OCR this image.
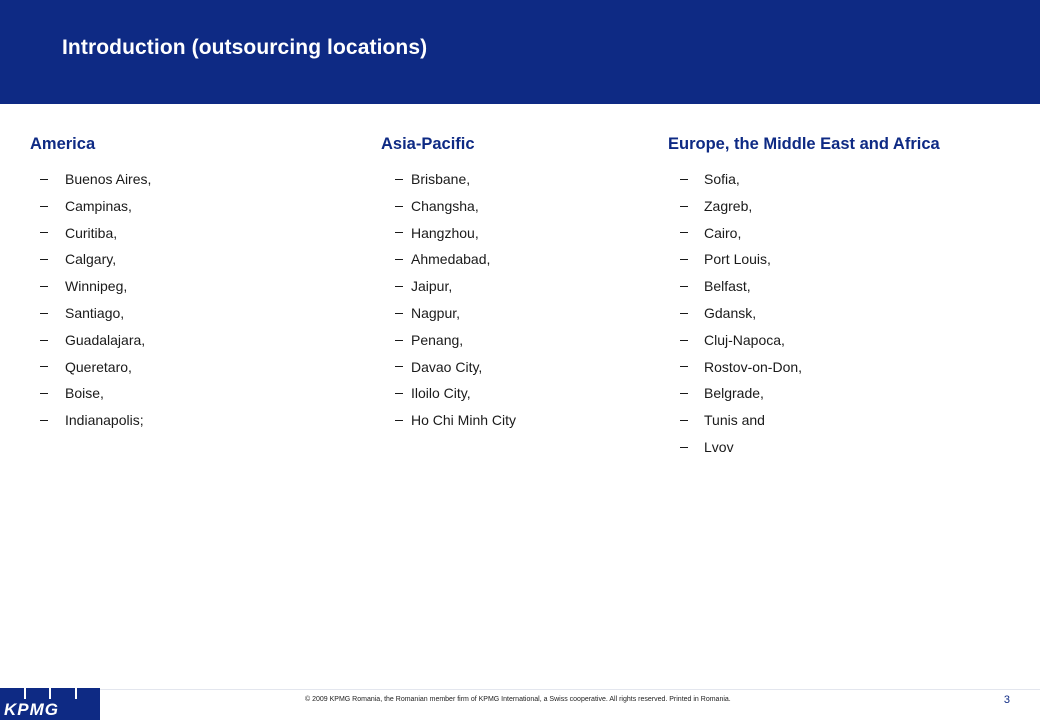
Introduction (outsourcing locations)
America
Buenos Aires,
Campinas,
Curitiba,
Calgary,
Winnipeg,
Santiago,
Guadalajara,
Queretaro,
Boise,
Indianapolis;
Asia-Pacific
Brisbane,
Changsha,
Hangzhou,
Ahmedabad,
Jaipur,
Nagpur,
Penang,
Davao City,
Iloilo City,
Ho Chi Minh City
Europe, the Middle East and Africa
Sofia,
Zagreb,
Cairo,
Port Louis,
Belfast,
Gdansk,
Cluj-Napoca,
Rostov-on-Don,
Belgrade,
Tunis and
Lvov
KPMG
© 2009 KPMG Romania, the Romanian member firm of KPMG International, a Swiss cooperative. All rights reserved. Printed in Romania.	3
